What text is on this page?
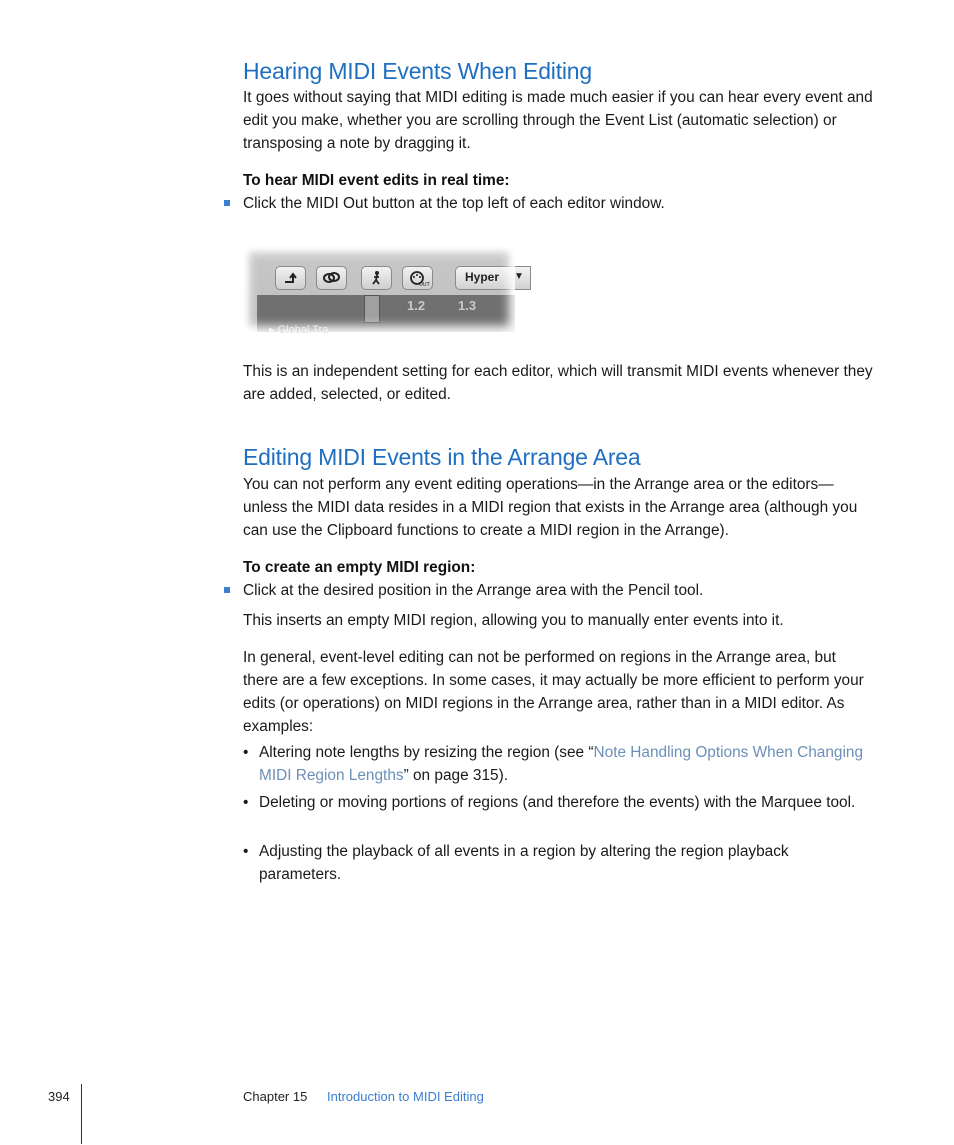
Hearing MIDI Events When Editing

It goes without saying that MIDI editing is made much easier if you can hear every event and edit you make, whether you are scrolling through the Event List (automatic selection) or transposing a note by dragging it.

To hear MIDI event edits in real time:

Click the MIDI Out button at the top left of each editor window.
OUT
Hyper ▼
1.2	1.3
▸ Global Tra

This is an independent setting for each editor, which will transmit MIDI events whenever they are added, selected, or edited.

Editing MIDI Events in the Arrange Area

You can not perform any event editing operations—in the Arrange area or the editors—unless the MIDI data resides in a MIDI region that exists in the Arrange area (although you can use the Clipboard functions to create a MIDI region in the Arrange).

To create an empty MIDI region:

Click at the desired position in the Arrange area with the Pencil tool.

This inserts an empty MIDI region, allowing you to manually enter events into it.

In general, event-level editing can not be performed on regions in the Arrange area, but there are a few exceptions. In some cases, it may actually be more efficient to perform your edits (or operations) on MIDI regions in the Arrange area, rather than in a MIDI editor. As examples:

• Altering note lengths by resizing the region (see “Note Handling Options When Changing MIDI Region Lengths” on page 315).
• Deleting or moving portions of regions (and therefore the events) with the Marquee tool.
• Adjusting the playback of all events in a region by altering the region playback parameters.
394	Chapter 15 Introduction to MIDI Editing
